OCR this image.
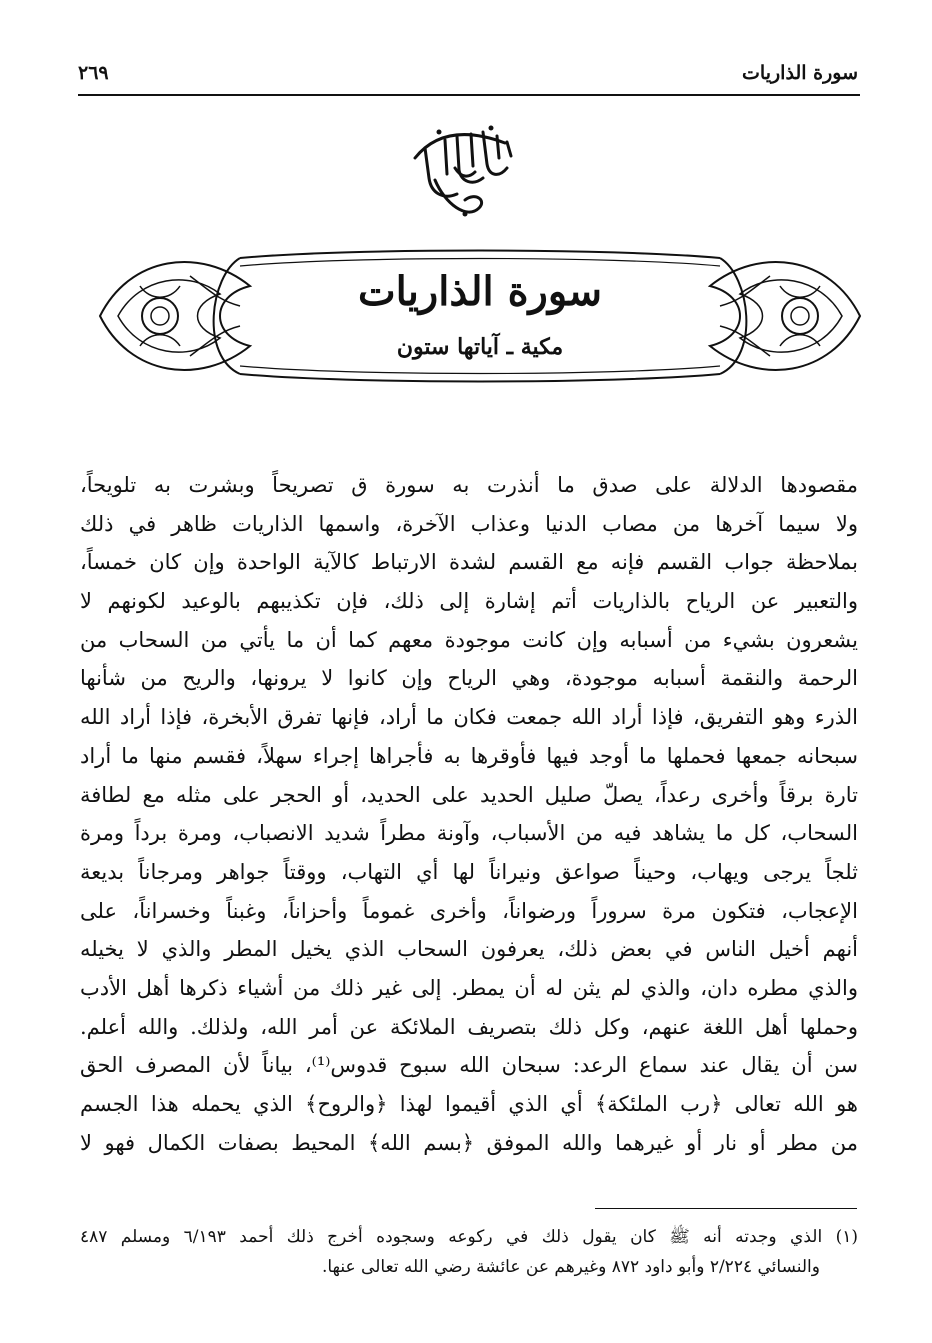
سورة الذاريات
٢٦٩
سورة الذاريات
مكية ـ آياتها ستون
مقصودها الدلالة على صدق ما أنذرت به سورة ق تصريحاً وبشرت به تلويحاً،
ولا سيما آخرها من مصاب الدنيا وعذاب الآخرة، واسمها الذاريات ظاهر في ذلك
بملاحظة جواب القسم فإنه مع القسم لشدة الارتباط كالآية الواحدة وإن كان خمساً،
والتعبير عن الرياح بالذاريات أتم إشارة إلى ذلك، فإن تكذيبهم بالوعيد لكونهم لا
يشعرون بشيء من أسبابه وإن كانت موجودة معهم كما أن ما يأتي من السحاب من
الرحمة والنقمة أسبابه موجودة، وهي الرياح وإن كانوا لا يرونها، والريح من شأنها
الذرء وهو التفريق، فإذا أراد الله جمعت فكان ما أراد، فإنها تفرق الأبخرة، فإذا أراد الله
سبحانه جمعها فحملها ما أوجد فيها فأوقرها به فأجراها إجراء سهلاً، فقسم منها ما أراد
تارة برقاً وأخرى رعداً، يصلّ صليل الحديد على الحديد، أو الحجر على مثله مع لطافة
السحاب، كل ما يشاهد فيه من الأسباب، وآونة مطراً شديد الانصباب، ومرة برداً ومرة
ثلجاً يرجى ويهاب، وحيناً صواعق ونيراناً لها أي التهاب، ووقتاً جواهر ومرجاناً بديعة
الإعجاب، فتكون مرة سروراً ورضواناً، وأخرى غموماً وأحزاناً، وغبناً وخسراناً، على
أنهم أخيل الناس في بعض ذلك، يعرفون السحاب الذي يخيل المطر والذي لا يخيله
والذي مطره دان، والذي لم يثن له أن يمطر. إلى غير ذلك من أشياء ذكرها أهل الأدب
وحملها أهل اللغة عنهم، وكل ذلك بتصريف الملائكة عن أمر الله، ولذلك. والله أعلم.
سن أن يقال عند سماع الرعد: سبحان الله سبوح قدوس⁽¹⁾، بياناً لأن المصرف الحق
هو الله تعالى ﴿رب الملئكة﴾ أي الذي أقيموا لهذا ﴿والروح﴾ الذي يحمله هذا الجسم
من مطر أو نار أو غيرهما والله الموفق ﴿بسم الله﴾ المحيط بصفات الكمال فهو لا
(١) الذي وجدته أنه ﷺ كان يقول ذلك في ركوعه وسجوده أخرج ذلك أحمد ٦/١٩٣ ومسلم ٤٨٧
والنسائي ٢/٢٢٤ وأبو داود ٨٧٢ وغيرهم عن عائشة رضي الله تعالى عنها.
